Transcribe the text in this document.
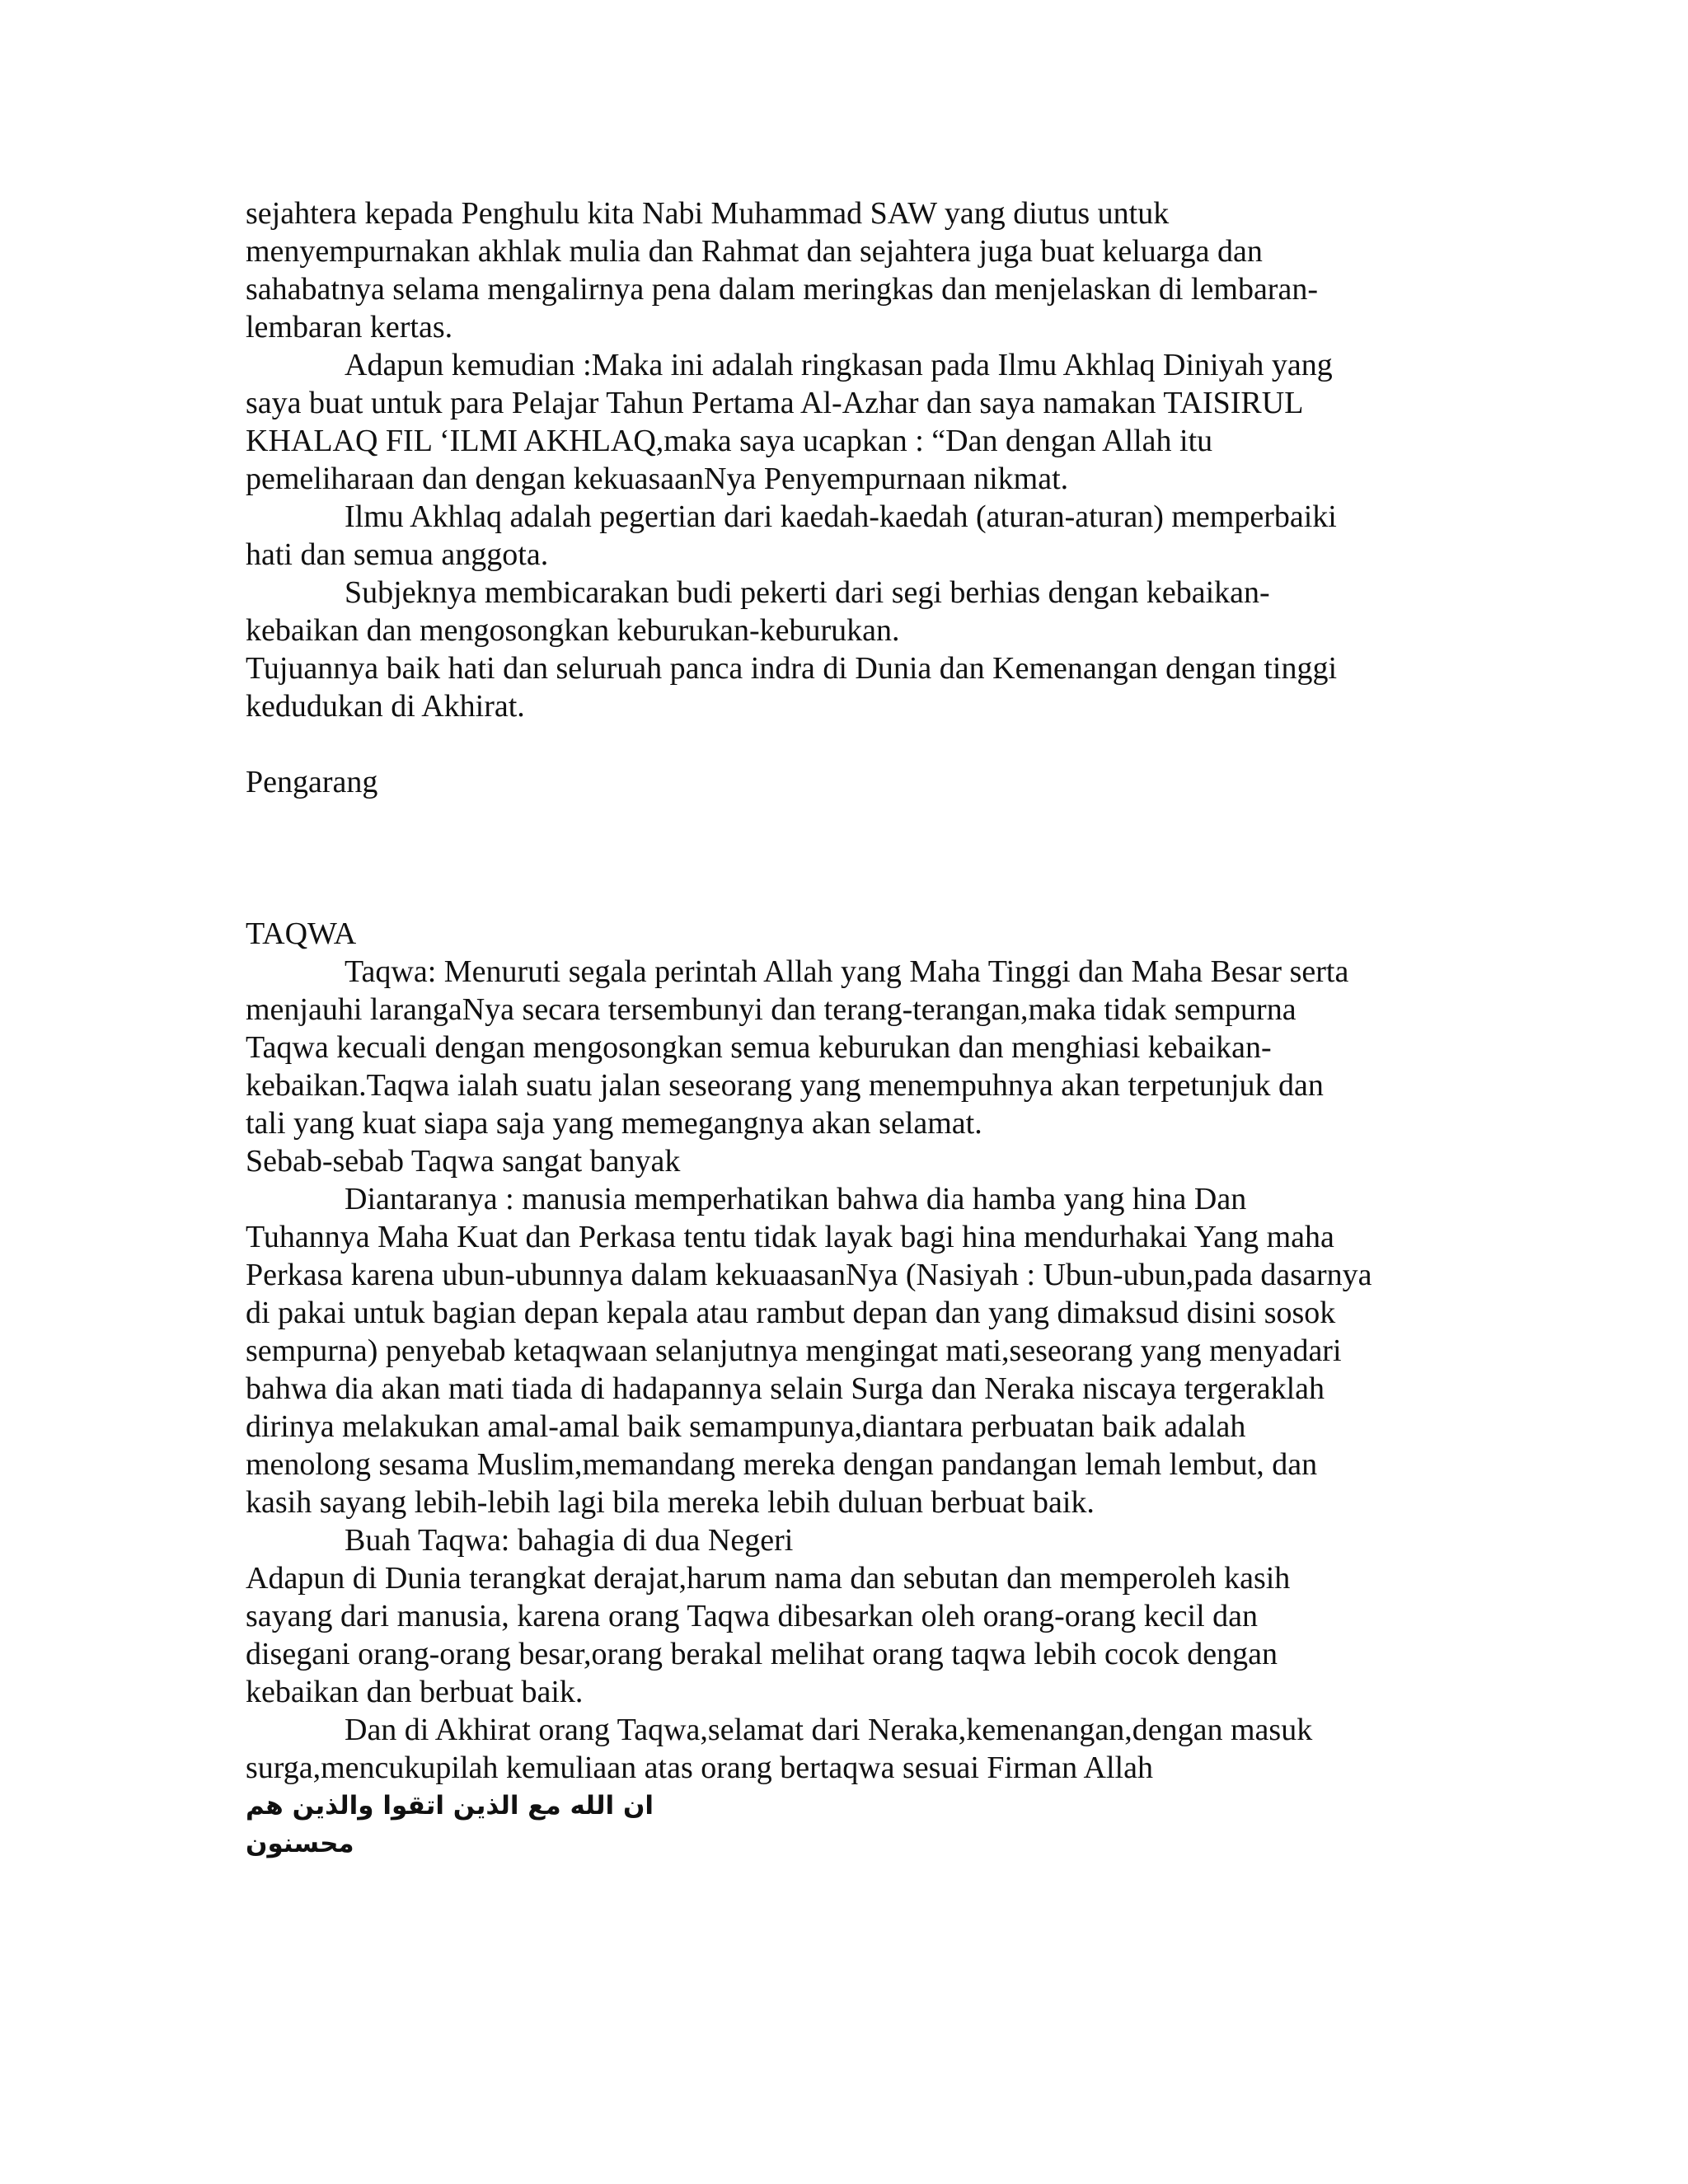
sejahtera kepada Penghulu kita Nabi Muhammad SAW yang diutus untuk
menyempurnakan akhlak mulia dan Rahmat dan sejahtera juga buat keluarga dan
sahabatnya selama mengalirnya pena dalam meringkas dan menjelaskan di lembaran-
lembaran kertas.
Adapun kemudian :Maka ini adalah ringkasan pada Ilmu Akhlaq Diniyah yang
saya buat untuk para Pelajar Tahun Pertama Al-Azhar dan saya namakan TAISIRUL
KHALAQ FIL ‘ILMI AKHLAQ,maka saya ucapkan : “Dan dengan Allah itu
pemeliharaan dan dengan kekuasaanNya Penyempurnaan nikmat.
Ilmu Akhlaq adalah pegertian dari kaedah-kaedah (aturan-aturan) memperbaiki
hati dan semua anggota.
Subjeknya membicarakan budi pekerti dari segi berhias dengan kebaikan-
kebaikan dan mengosongkan keburukan-keburukan.
Tujuannya baik hati dan seluruah panca indra di Dunia dan Kemenangan dengan tinggi
kedudukan di Akhirat.
Pengarang
TAQWA
Taqwa: Menuruti segala perintah Allah yang Maha Tinggi dan Maha Besar serta
menjauhi larangaNya secara tersembunyi dan terang-terangan,maka tidak sempurna
Taqwa kecuali dengan mengosongkan semua keburukan dan menghiasi kebaikan-
kebaikan.Taqwa ialah suatu jalan seseorang yang menempuhnya akan terpetunjuk dan
tali yang kuat siapa saja yang memegangnya akan selamat.
Sebab-sebab Taqwa sangat banyak
Diantaranya : manusia memperhatikan bahwa dia hamba yang hina Dan
Tuhannya Maha Kuat dan Perkasa tentu tidak layak bagi hina mendurhakai Yang maha
Perkasa karena ubun-ubunnya dalam kekuaasanNya (Nasiyah : Ubun-ubun,pada dasarnya
di pakai untuk bagian depan kepala atau rambut depan dan yang dimaksud disini sosok
sempurna) penyebab ketaqwaan selanjutnya mengingat mati,seseorang yang menyadari
bahwa dia akan mati tiada di hadapannya selain Surga dan Neraka niscaya tergeraklah
dirinya melakukan amal-amal baik semampunya,diantara perbuatan baik adalah
menolong sesama Muslim,memandang mereka dengan pandangan lemah lembut, dan
kasih sayang lebih-lebih lagi bila mereka lebih duluan berbuat baik.
Buah Taqwa: bahagia di dua Negeri
Adapun di Dunia terangkat derajat,harum nama dan sebutan dan memperoleh kasih
sayang dari manusia, karena orang Taqwa dibesarkan oleh orang-orang kecil dan
disegani orang-orang besar,orang berakal melihat orang taqwa lebih cocok dengan
kebaikan dan berbuat baik.
Dan di Akhirat orang Taqwa,selamat dari Neraka,kemenangan,dengan masuk
surga,mencukupilah kemuliaan atas orang bertaqwa sesuai Firman Allah
ان الله مع الذين اتقوا والذين هم محسنون
